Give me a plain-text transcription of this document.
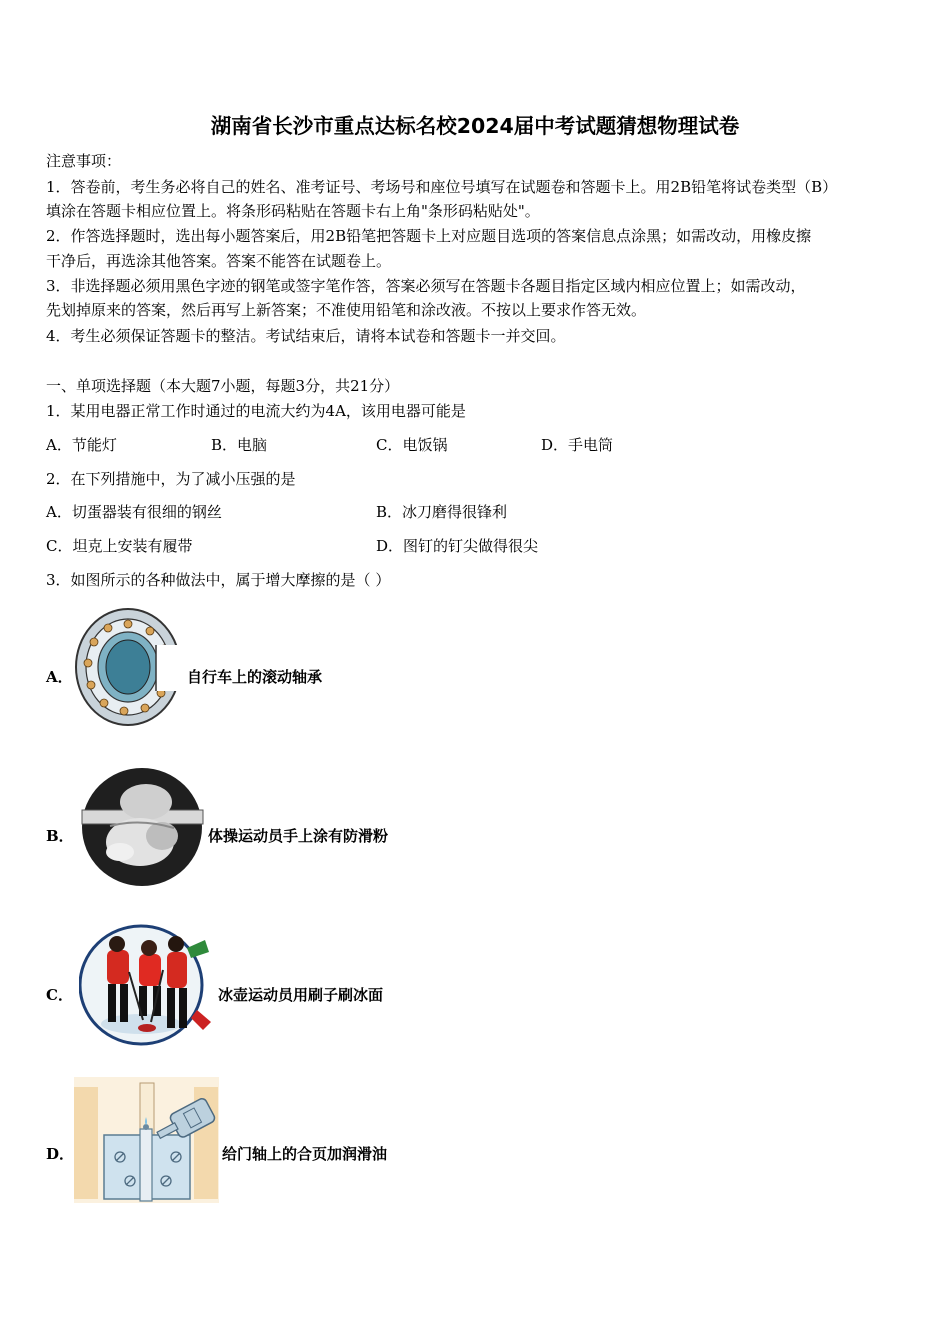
湖南省长沙市重点达标名校2024届中考试题猜想物理试卷
注意事项：
1．答卷前，考生务必将自己的姓名、准考证号、考场号和座位号填写在试题卷和答题卡上。用2B铅笔将试卷类型（B）
填涂在答题卡相应位置上。将条形码粘贴在答题卡右上角"条形码粘贴处"。
2．作答选择题时，选出每小题答案后，用2B铅笔把答题卡上对应题目选项的答案信息点涂黑；如需改动，用橡皮擦
干净后，再选涂其他答案。答案不能答在试题卷上。
3．非选择题必须用黑色字迹的钢笔或签字笔作答，答案必须写在答题卡各题目指定区域内相应位置上；如需改动，
先划掉原来的答案，然后再写上新答案；不准使用铅笔和涂改液。不按以上要求作答无效。
4．考生必须保证答题卡的整洁。考试结束后，请将本试卷和答题卡一并交回。
一、单项选择题（本大题7小题，每题3分，共21分）
1．某用电器正常工作时通过的电流大约为4A，该用电器可能是
A．节能灯	B．电脑	C．电饭锅	D．手电筒
2．在下列措施中，为了减小压强的是
A．切蛋器装有很细的钢丝	B．冰刀磨得很锋利
C．坦克上安装有履带	D．图钉的钉尖做得很尖
3．如图所示的各种做法中，属于增大摩擦的是（ ）
A．	自行车上的滚动轴承
B．	体操运动员手上涂有防滑粉
C．	冰壶运动员用刷子刷冰面
D．	给门轴上的合页加润滑油
